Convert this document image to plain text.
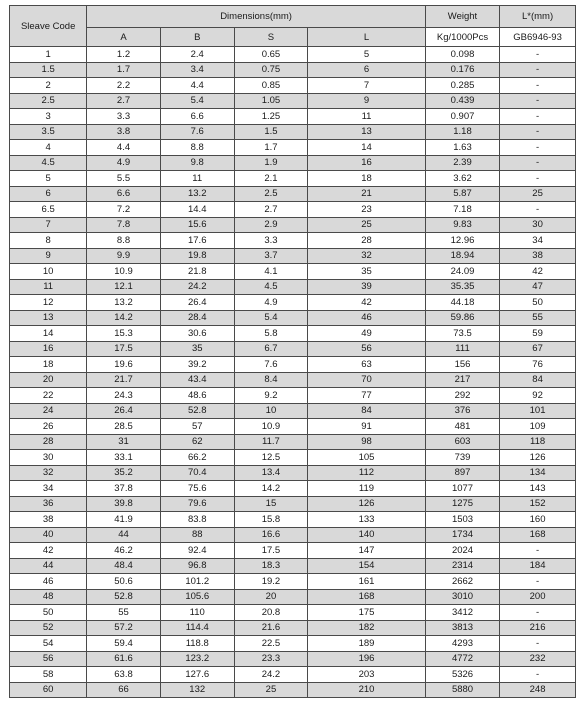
Sleave Code	Dimensions(mm)				Weight	L*(mm)
	A	B	S	L	Kg/1000Pcs	GB6946-93
1	1.2	2.4	0.65	5	0.098	-
1.5	1.7	3.4	0.75	6	0.176	-
2	2.2	4.4	0.85	7	0.285	-
2.5	2.7	5.4	1.05	9	0.439	-
3	3.3	6.6	1.25	11	0.907	-
3.5	3.8	7.6	1.5	13	1.18	-
4	4.4	8.8	1.7	14	1.63	-
4.5	4.9	9.8	1.9	16	2.39	-
5	5.5	11	2.1	18	3.62	-
6	6.6	13.2	2.5	21	5.87	25
6.5	7.2	14.4	2.7	23	7.18	-
7	7.8	15.6	2.9	25	9.83	30
8	8.8	17.6	3.3	28	12.96	34
9	9.9	19.8	3.7	32	18.94	38
10	10.9	21.8	4.1	35	24.09	42
11	12.1	24.2	4.5	39	35.35	47
12	13.2	26.4	4.9	42	44.18	50
13	14.2	28.4	5.4	46	59.86	55
14	15.3	30.6	5.8	49	73.5	59
16	17.5	35	6.7	56	111	67
18	19.6	39.2	7.6	63	156	76
20	21.7	43.4	8.4	70	217	84
22	24.3	48.6	9.2	77	292	92
24	26.4	52.8	10	84	376	101
26	28.5	57	10.9	91	481	109
28	31	62	11.7	98	603	118
30	33.1	66.2	12.5	105	739	126
32	35.2	70.4	13.4	112	897	134
34	37.8	75.6	14.2	119	1077	143
36	39.8	79.6	15	126	1275	152
38	41.9	83.8	15.8	133	1503	160
40	44	88	16.6	140	1734	168
42	46.2	92.4	17.5	147	2024	-
44	48.4	96.8	18.3	154	2314	184
46	50.6	101.2	19.2	161	2662	-
48	52.8	105.6	20	168	3010	200
50	55	110	20.8	175	3412	-
52	57.2	114.4	21.6	182	3813	216
54	59.4	118.8	22.5	189	4293	-
56	61.6	123.2	23.3	196	4772	232
58	63.8	127.6	24.2	203	5326	-
60	66	132	25	210	5880	248
